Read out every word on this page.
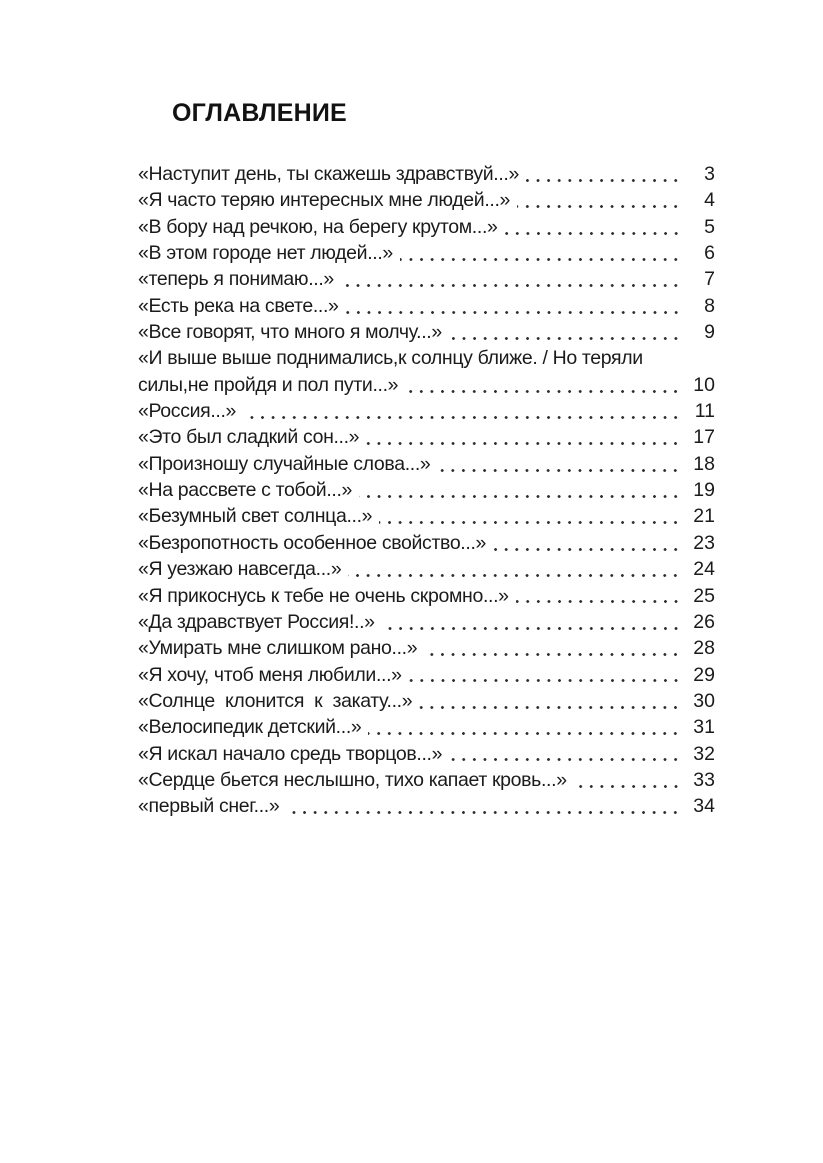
ОГЛАВЛЕНИЕ
«Наступит день, ты скажешь здравствуй...»	3
«Я часто теряю интересных мне людей...»	4
«В бору над речкою, на берегу крутом...»	5
«В этом городе нет людей...»	6
«теперь я понимаю...»	7
«Есть река на свете...»	8
«Все говорят, что много я молчу...»	9
«И выше выше поднимались,к солнцу ближе. / Но теряли
силы,не пройдя и пол пути...»	10
«Россия...»	11
«Это был сладкий сон...»	17
«Произношу случайные слова...»	18
«На рассвете с тобой...»	19
«Безумный свет солнца...»	21
«Безропотность особенное свойство...»	23
«Я уезжаю навсегда...»	24
«Я прикоснусь к тебе не очень скромно...»	25
«Да здравствует Россия!..»	26
«Умирать мне слишком рано...»	28
«Я хочу, чтоб меня любили...»	29
«Солнце  клонится  к  закату...»	30
«Велосипедик детский...»	31
«Я искал начало средь творцов...»	32
«Сердце бьется неслышно, тихо капает кровь...»	33
«первый снег...»	34
